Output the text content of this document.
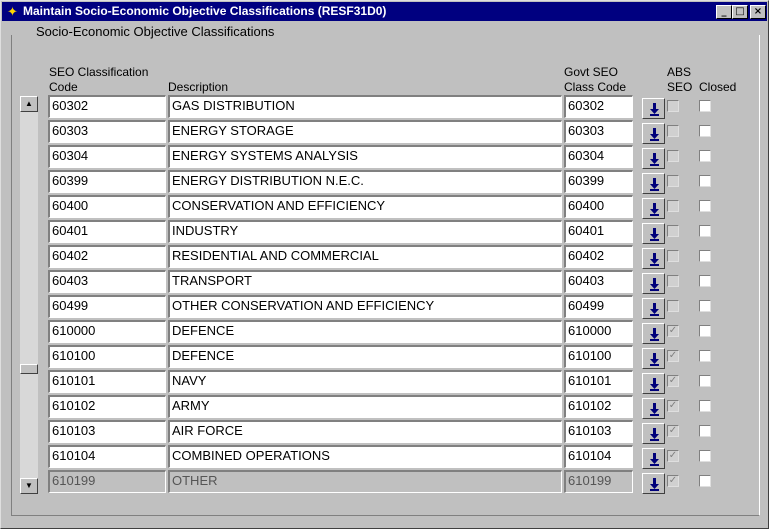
✦ Maintain Socio-Economic Objective Classifications (RESF31D0)	_ □ ×
Socio-Economic Objective Classifications
SEO Classification
Code	Description
Govt SEO
Class Code
ABS
SEO Closed
▲
▼
60302	GAS DISTRIBUTION	60302
60303	ENERGY STORAGE	60303
60304	ENERGY SYSTEMS ANALYSIS	60304
60399	ENERGY DISTRIBUTION N.E.C.	60399
60400	CONSERVATION AND EFFICIENCY	60400
60401	INDUSTRY	60401
60402	RESIDENTIAL AND COMMERCIAL	60402
60403	TRANSPORT	60403
60499	OTHER CONSERVATION AND EFFICIENCY	60499
610000	DEFENCE	610000	✓
610100	DEFENCE	610100	✓
610101	NAVY	610101	✓
610102	ARMY	610102	✓
610103	AIR FORCE	610103	✓
610104	COMBINED OPERATIONS	610104	✓
610199	OTHER	610199	✓
